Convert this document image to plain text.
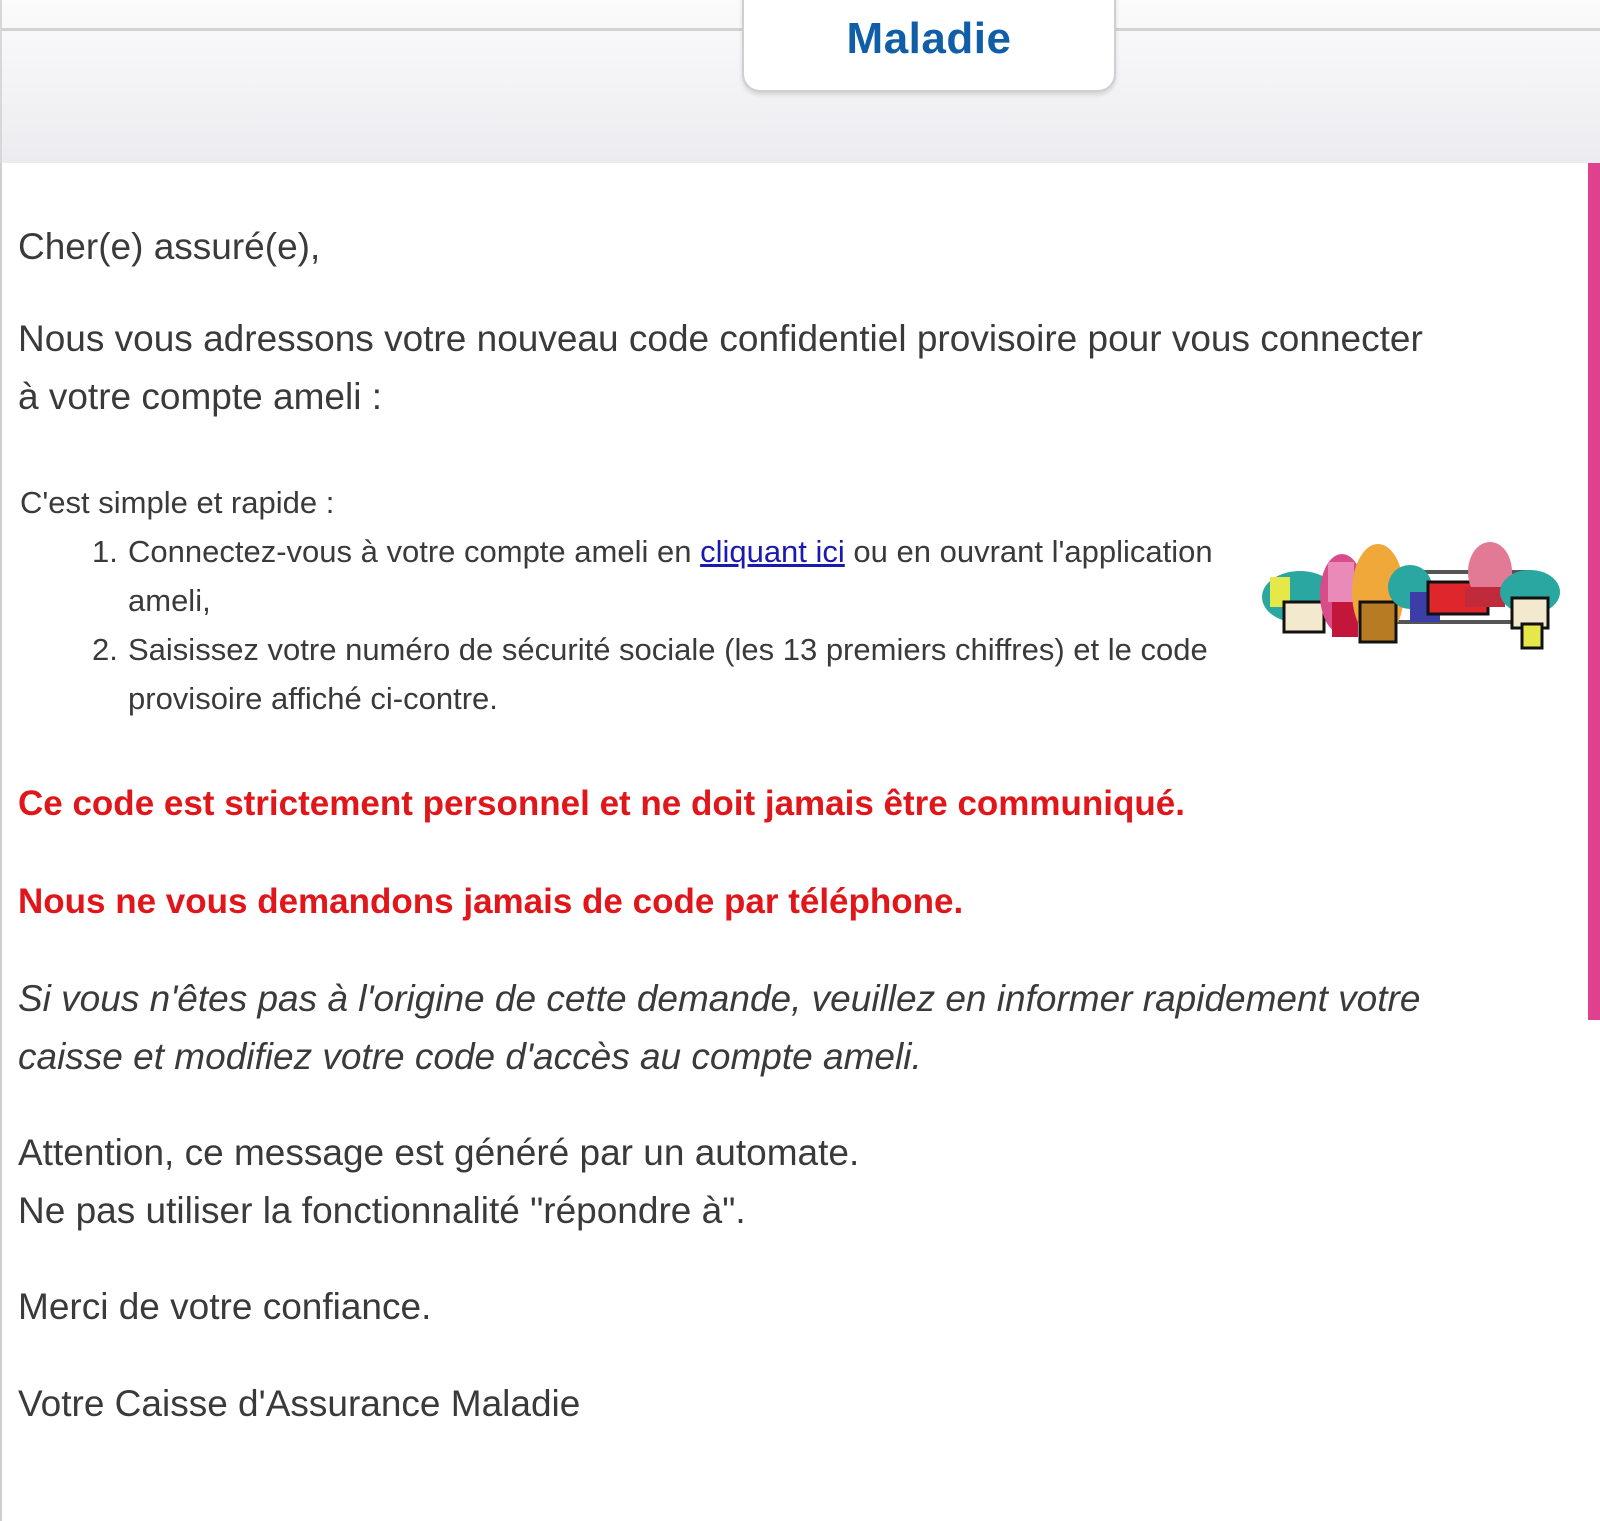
Maladie

Cher(e) assuré(e),

Nous vous adressons votre nouveau code confidentiel provisoire pour vous connecter

à votre compte ameli :

C'est simple et rapide :

1. Connectez-vous à votre compte ameli en cliquant ici ou en ouvrant l'application
ameli,
2. Saisissez votre numéro de sécurité sociale (les 13 premiers chiffres) et le code
provisoire affiché ci-contre.

Ce code est strictement personnel et ne doit jamais être communiqué.

Nous ne vous demandons jamais de code par téléphone.

Si vous n'êtes pas à l'origine de cette demande, veuillez en informer rapidement votre

caisse et modifiez votre code d'accès au compte ameli.

Attention, ce message est généré par un automate.

Ne pas utiliser la fonctionnalité "répondre à".

Merci de votre confiance.

Votre Caisse d'Assurance Maladie
